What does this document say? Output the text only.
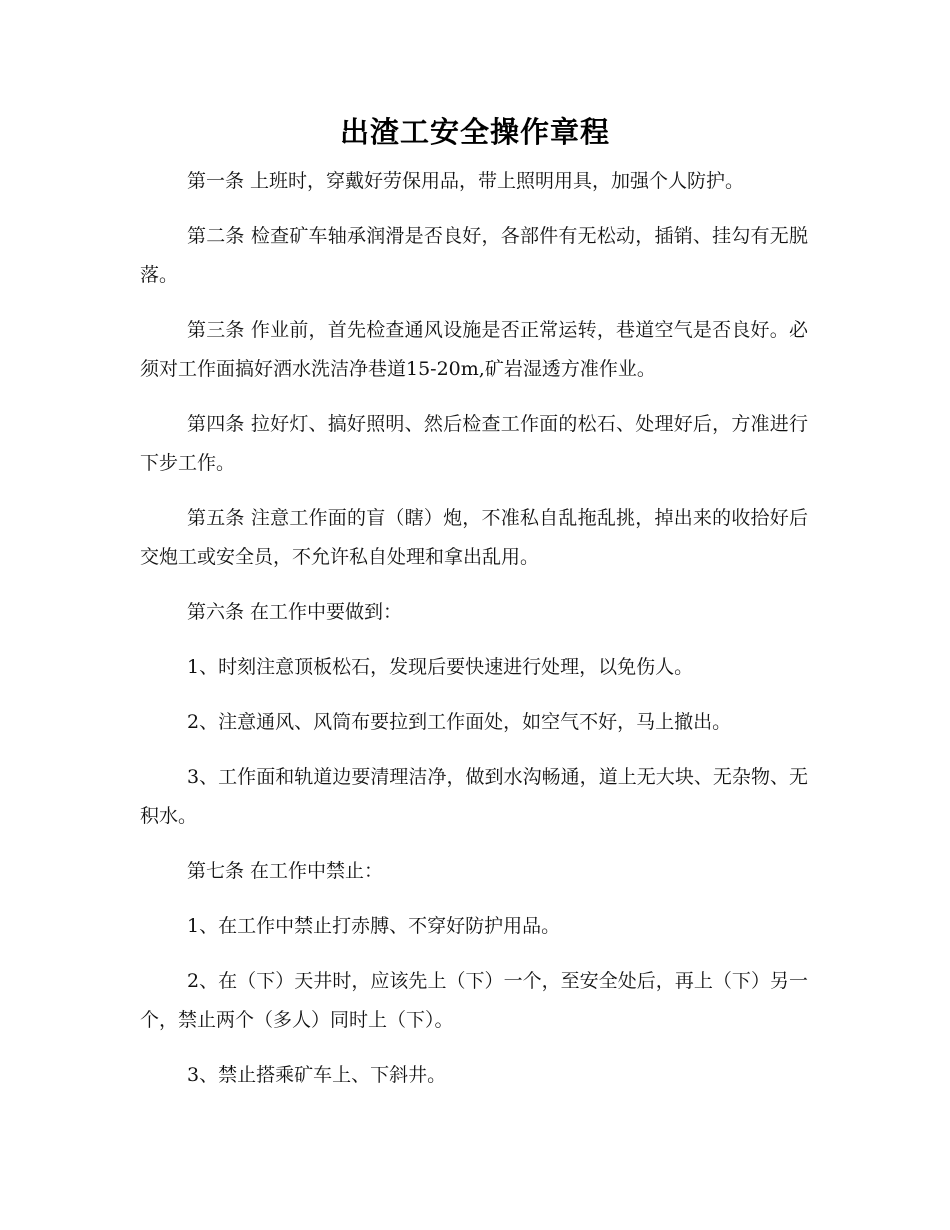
出渣工安全操作章程

第一条 上班时，穿戴好劳保用品，带上照明用具，加强个人防护。

第二条 检查矿车轴承润滑是否良好，各部件有无松动，插销、挂勾有无脱落。

第三条 作业前，首先检查通风设施是否正常运转，巷道空气是否良好。必须对工作面搞好洒水洗洁净巷道15-20m,矿岩湿透方准作业。

第四条 拉好灯、搞好照明、然后检查工作面的松石、处理好后，方准进行下步工作。

第五条 注意工作面的盲（瞎）炮，不准私自乱拖乱挑，掉出来的收拾好后交炮工或安全员，不允许私自处理和拿出乱用。

第六条 在工作中要做到：

1、时刻注意顶板松石，发现后要快速进行处理，以免伤人。

2、注意通风、风筒布要拉到工作面处，如空气不好，马上撤出。

3、工作面和轨道边要清理洁净，做到水沟畅通，道上无大块、无杂物、无积水。

第七条 在工作中禁止：

1、在工作中禁止打赤膊、不穿好防护用品。

2、在（下）天井时，应该先上（下）一个，至安全处后，再上（下）另一个，禁止两个（多人）同时上（下）。

3、禁止搭乘矿车上、下斜井。
